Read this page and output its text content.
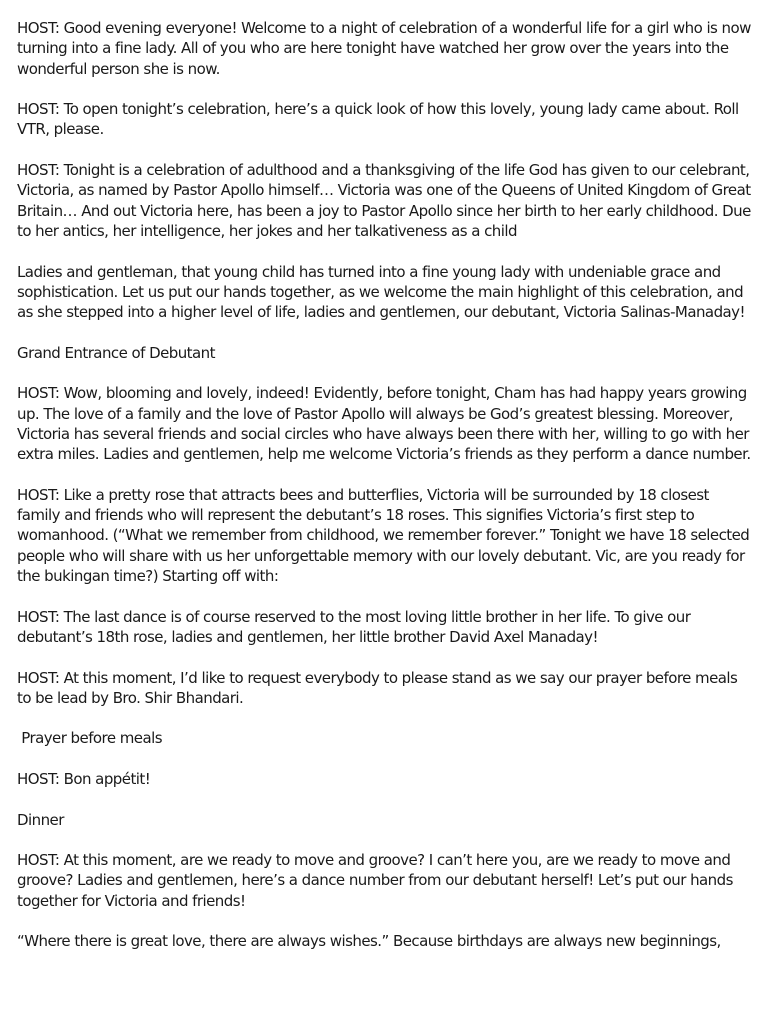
HOST: Good evening everyone! Welcome to a night of celebration of a wonderful life for a girl who is now turning into a fine lady. All of you who are here tonight have watched her grow over the years into the wonderful person she is now.

HOST: To open tonight’s celebration, here’s a quick look of how this lovely, young lady came about. Roll VTR, please.

HOST: Tonight is a celebration of adulthood and a thanksgiving of the life God has given to our celebrant, Victoria, as named by Pastor Apollo himself… Victoria was one of the Queens of United Kingdom of Great Britain… And out Victoria here, has been a joy to Pastor Apollo since her birth to her early childhood. Due to her antics, her intelligence, her jokes and her talkativeness as a child

Ladies and gentleman, that young child has turned into a fine young lady with undeniable grace and sophistication. Let us put our hands together, as we welcome the main highlight of this celebration, and as she stepped into a higher level of life, ladies and gentlemen, our debutant, Victoria Salinas-Manaday!

Grand Entrance of Debutant

HOST: Wow, blooming and lovely, indeed! Evidently, before tonight, Cham has had happy years growing up. The love of a family and the love of Pastor Apollo will always be God’s greatest blessing. Moreover, Victoria has several friends and social circles who have always been there with her, willing to go with her extra miles. Ladies and gentlemen, help me welcome Victoria’s friends as they perform a dance number.

HOST: Like a pretty rose that attracts bees and butterflies, Victoria will be surrounded by 18 closest family and friends who will represent the debutant’s 18 roses. This signifies Victoria’s first step to womanhood. (“What we remember from childhood, we remember forever.” Tonight we have 18 selected people who will share with us her unforgettable memory with our lovely debutant. Vic, are you ready for the bukingan time?) Starting off with:

HOST: The last dance is of course reserved to the most loving little brother in her life. To give our debutant’s 18th rose, ladies and gentlemen, her little brother David Axel Manaday!

HOST: At this moment, I’d like to request everybody to please stand as we say our prayer before meals to be lead by Bro. Shir Bhandari.

Prayer before meals

HOST: Bon appétit!

Dinner

HOST: At this moment, are we ready to move and groove? I can’t here you, are we ready to move and groove? Ladies and gentlemen, here’s a dance number from our debutant herself! Let’s put our hands together for Victoria and friends!

“Where there is great love, there are always wishes.” Because birthdays are always new beginnings,
